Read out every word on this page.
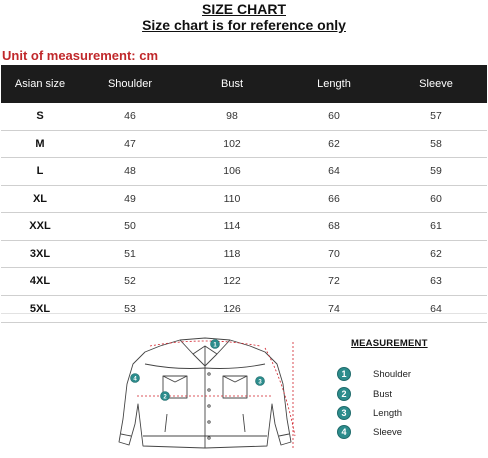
SIZE CHART
Size chart is for reference only
Unit of measurement: cm
Asian size	Shoulder	Bust	Length	Sleeve
S	46	98	60	57
M	47	102	62	58
L	48	106	64	59
XL	49	110	66	60
XXL	50	114	68	61
3XL	51	118	70	62
4XL	52	122	72	63
5XL	53	126	74	64
1
2
3
4
MEASUREMENT
1	Shoulder
2	Bust
3	Length
4	Sleeve
